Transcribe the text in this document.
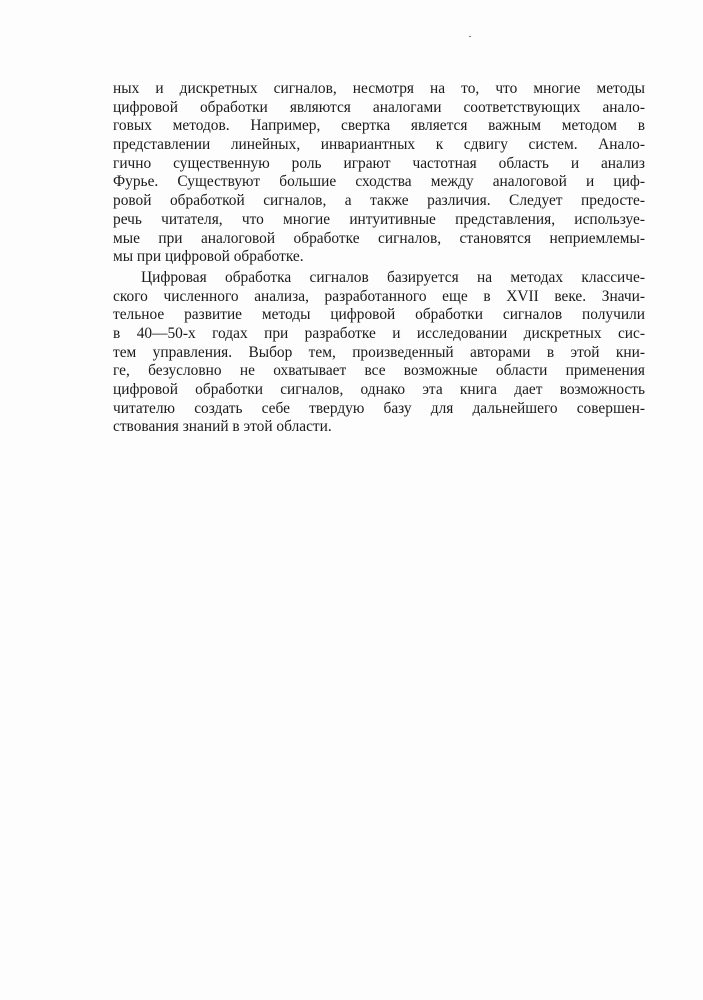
ных и дискретных сигналов, несмотря на то, что многие методы
цифровой обработки являются аналогами соответствующих анало-
говых методов. Например, свертка является важным методом в
представлении линейных, инвариантных к сдвигу систем. Анало-
гично существенную роль играют частотная область и анализ
Фурье. Существуют большие сходства между аналоговой и циф-
ровой обработкой сигналов, а также различия. Следует предосте-
речь читателя, что многие интуитивные представления, используе-
мые при аналоговой обработке сигналов, становятся неприемлемы-
мы при цифровой обработке.
Цифровая обработка сигналов базируется на методах классиче-
ского численного анализа, разработанного еще в XVII веке. Значи-
тельное развитие методы цифровой обработки сигналов получили
в 40—50-х годах при разработке и исследовании дискретных сис-
тем управления. Выбор тем, произведенный авторами в этой кни-
ге, безусловно не охватывает все возможные области применения
цифровой обработки сигналов, однако эта книга дает возможность
читателю создать себе твердую базу для дальнейшего совершен-
ствования знаний в этой области.
